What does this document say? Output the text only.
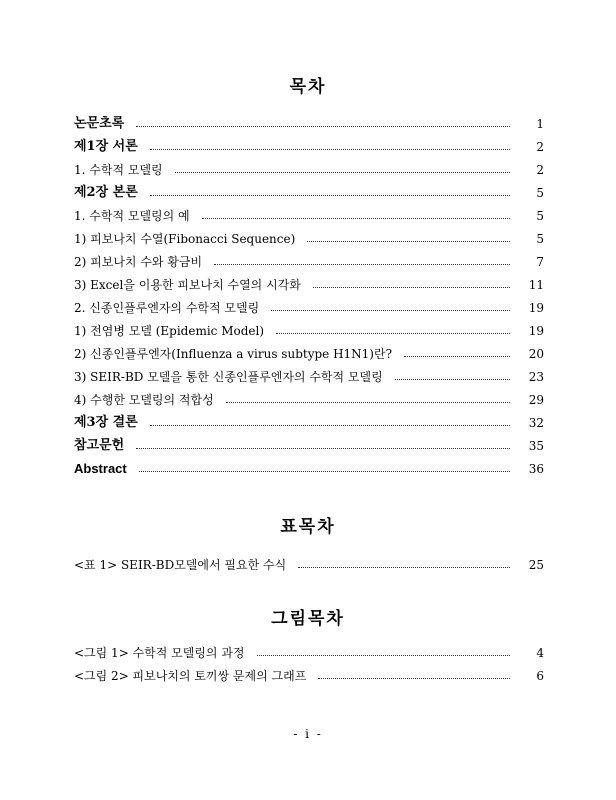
목차
논문초록	1
제1장 서론	2
1. 수학적 모델링	2
제2장 본론	5
1. 수학적 모델링의 예	5
1) 피보나치 수열(Fibonacci Sequence)	5
2) 피보나치 수와 황금비	7
3) Excel을 이용한 피보나치 수열의 시각화	11
2. 신종인플루엔자의 수학적 모델링	19
1) 전염병 모델 (Epidemic Model)	19
2) 신종인플루엔자(Influenza a virus subtype H1N1)란?	20
3) SEIR-BD 모델을 통한 신종인플루엔자의 수학적 모델링	23
4) 수행한 모델링의 적합성	29
제3장 결론	32
참고문헌	35
Abstract	36
표목차
<표 1> SEIR-BD모델에서 필요한 수식	25
그림목차
<그림 1> 수학적 모델링의 과정	4
<그림 2> 피보나치의 토끼쌍 문제의 그래프	6
- i -
